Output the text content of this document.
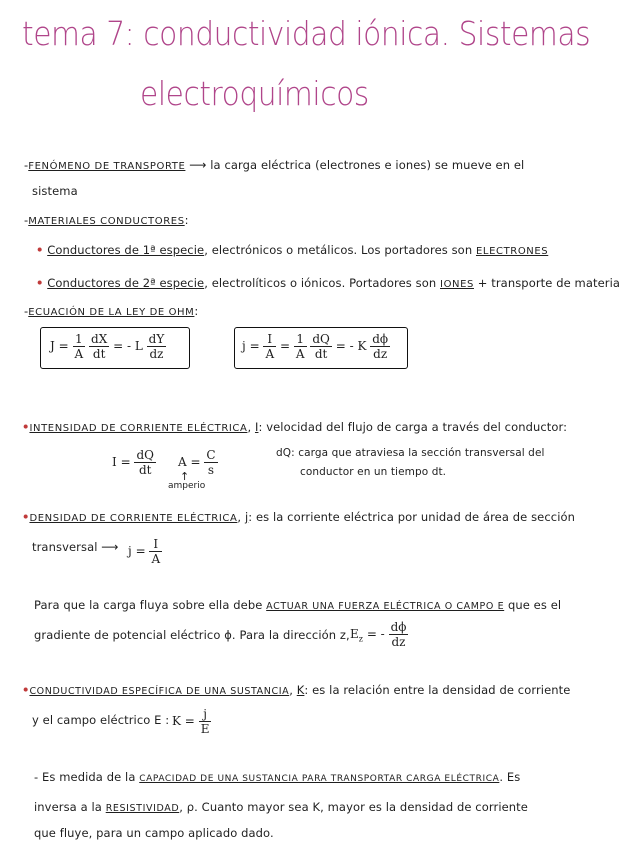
tema 7: conductividad iónica. Sistemas
electroquímicos
-FENÓMENO DE TRANSPORTE ⟶ la carga eléctrica (electrones e iones) se mueve en el
sistema
-MATERIALES CONDUCTORES:
• Conductores de 1ª especie, electrónicos o metálicos. Los portadores son ELECTRONES
• Conductores de 2ª especie, electrolíticos o iónicos. Portadores son IONES + transporte de materia
-ECUACIÓN DE LA LEY DE OHM:
$J = \frac{1}{A}$
$\frac{dX}{dt}$ = - L $\frac{dY}{dz}$	$j = \frac{I}{A} = \frac{1}{A}$
$\frac{dQ}{dt}$ = - K $\frac{d\phi}{dz}$
•INTENSIDAD DE CORRIENTE ELÉCTRICA, I: velocidad del flujo de carga a través del conductor:
$I = \frac{dQ}{dt}$ $A = \frac{C}{s}$
↑
amperio
dQ: carga que atraviesa la sección transversal del
conductor en un tiempo dt.
•DENSIDAD DE CORRIENTE ELÉCTRICA, j: es la corriente eléctrica por unidad de área de sección
transversal ⟶ $j = \frac{I}{A}$
Para que la carga fluya sobre ella debe ACTUAR UNA FUERZA ELÉCTRICA O CAMPO E que es el
gradiente de potencial eléctrico ϕ. Para la dirección z, $E_z$ = - $\frac{d\phi}{dz}$
•CONDUCTIVIDAD ESPECÍFICA DE UNA SUSTANCIA, K: es la relación entre la densidad de corriente
y el campo eléctrico E : $K = \frac{j}{E}$
- Es medida de la CAPACIDAD DE UNA SUSTANCIA PARA TRANSPORTAR CARGA ELÉCTRICA. Es
inversa a la RESISTIVIDAD, ρ. Cuanto mayor sea K, mayor es la densidad de corriente
que fluye, para un campo aplicado dado.
